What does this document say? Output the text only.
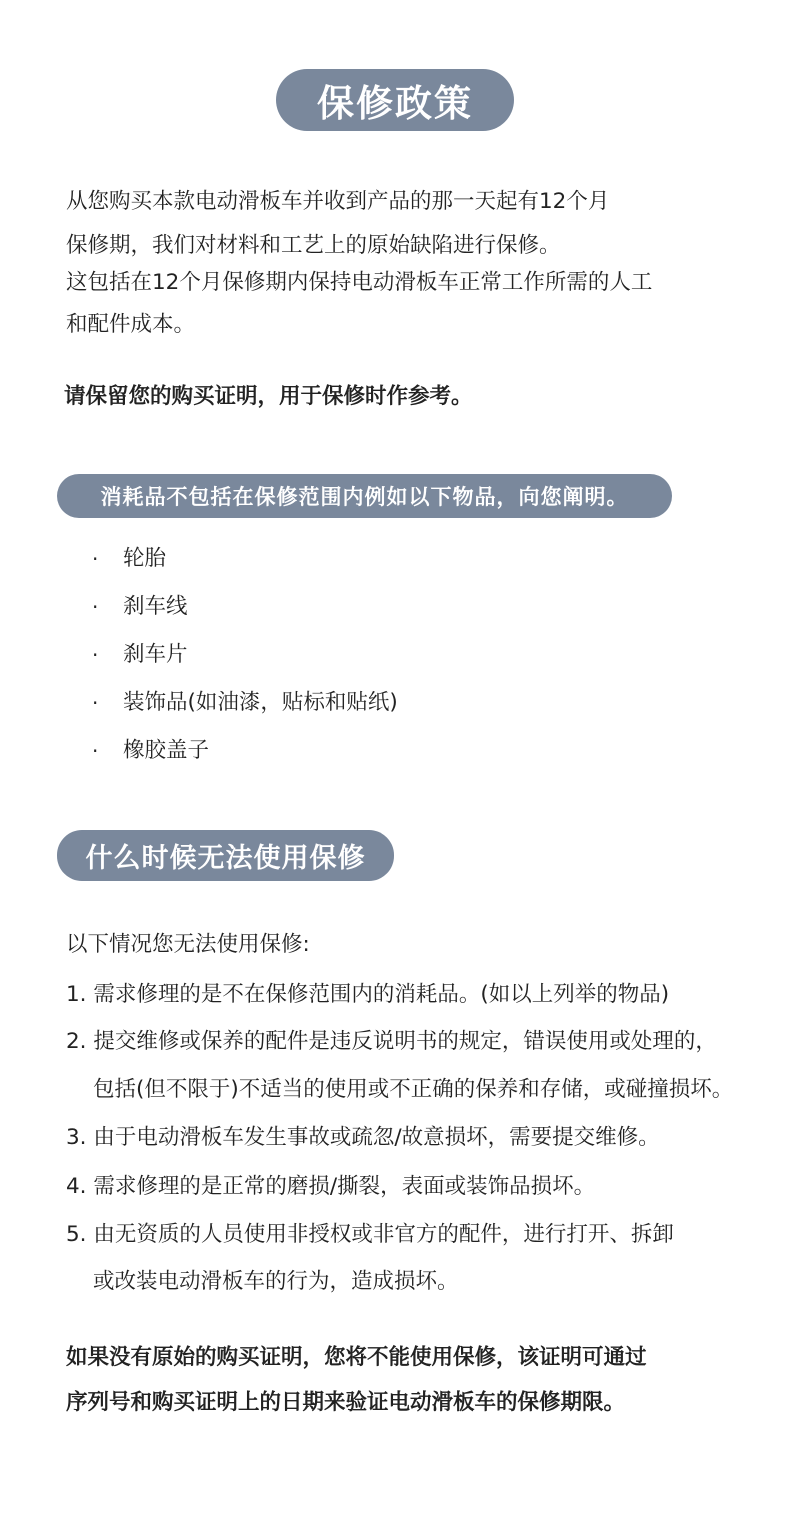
保修政策
从您购买本款电动滑板车并收到产品的那一天起有12个月
保修期，我们对材料和工艺上的原始缺陷进行保修。
这包括在12个月保修期内保持电动滑板车正常工作所需的人工
和配件成本。
请保留您的购买证明，用于保修时作参考。
消耗品不包括在保修范围内例如以下物品，向您阐明。
· 轮胎
· 刹车线
· 刹车片
· 装饰品(如油漆，贴标和贴纸)
· 橡胶盖子
什么时候无法使用保修
以下情况您无法使用保修:
1. 需求修理的是不在保修范围内的消耗品。(如以上列举的物品)
2. 提交维修或保养的配件是违反说明书的规定，错误使用或处理的，
包括(但不限于)不适当的使用或不正确的保养和存储，或碰撞损坏。
3. 由于电动滑板车发生事故或疏忽/故意损坏，需要提交维修。
4. 需求修理的是正常的磨损/撕裂，表面或装饰品损坏。
5. 由无资质的人员使用非授权或非官方的配件，进行打开、拆卸
或改装电动滑板车的行为，造成损坏。
如果没有原始的购买证明，您将不能使用保修，该证明可通过
序列号和购买证明上的日期来验证电动滑板车的保修期限。
